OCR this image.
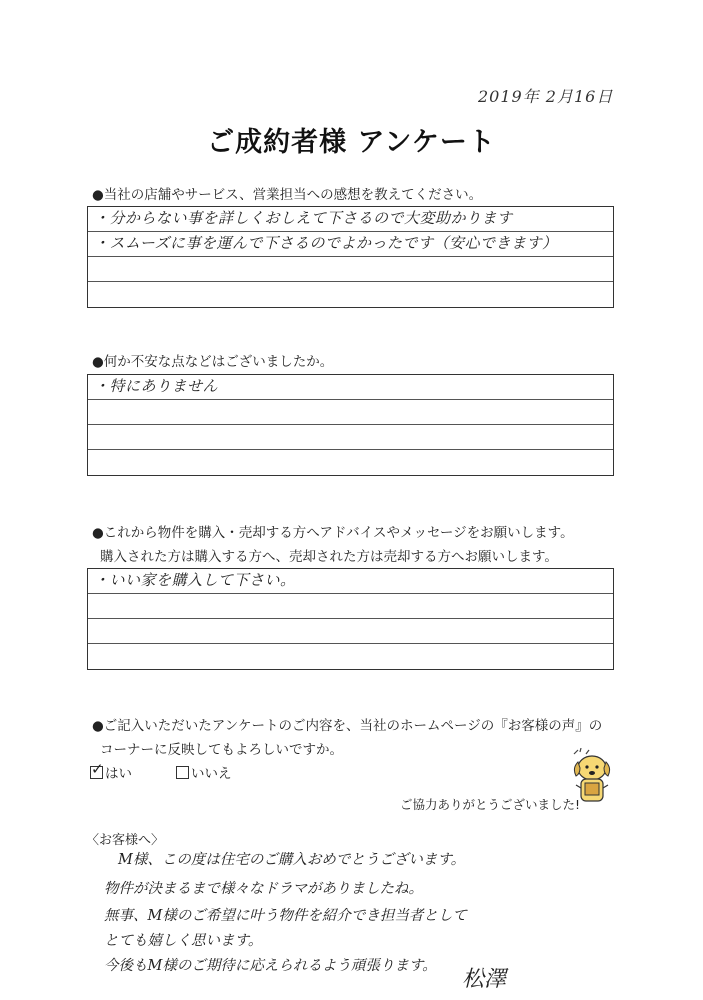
2019年 2月16日
ご成約者様 アンケート
●当社の店舗やサービス、営業担当への感想を教えてください。
・分からない事を詳しくおしえて下さるので大変助かります
・スムーズに事を運んで下さるのでよかったです（安心できます）
●何か不安な点などはございましたか。
・特にありません
●これから物件を購入・売却する方へアドバイスやメッセージをお願いします。
購入された方は購入する方へ、売却された方は売却する方へお願いします。
・いい家を購入して下さい。
●ご記入いただいたアンケートのご内容を、当社のホームページの『お客様の声』の
コーナーに反映してもよろしいですか。
✓ はい	いいえ
ご協力ありがとうございました!
〈お客様へ〉
M様、この度は住宅のご購入おめでとうございます。
物件が決まるまで様々なドラマがありましたね。
無事、M様のご希望に叶う物件を紹介でき担当者として
とても嬉しく思います。
今後もM様のご期待に応えられるよう頑張ります。
松澤
